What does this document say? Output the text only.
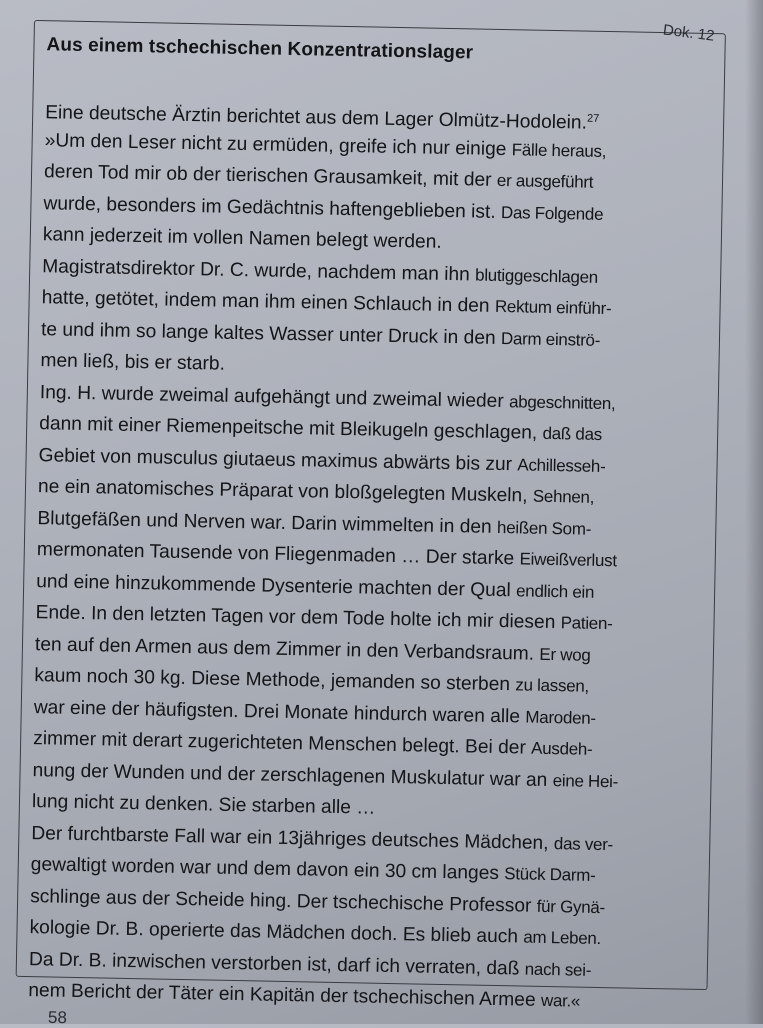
Dok. 12
Aus einem tschechischen Konzentrationslager
Eine deutsche Ärztin berichtet aus dem Lager Olmütz-Hodolein.$^{27}$
»Um den Leser nicht zu ermüden, greife ich nur einige Fälle heraus,
deren Tod mir ob der tierischen Grausamkeit, mit der er ausgeführt
wurde, besonders im Gedächtnis haftengeblieben ist. Das Folgende
kann jederzeit im vollen Namen belegt werden.
Magistratsdirektor Dr. C. wurde, nachdem man ihn blutiggeschlagen
hatte, getötet, indem man ihm einen Schlauch in den Rektum einführ-
te und ihm so lange kaltes Wasser unter Druck in den Darm einströ-
men ließ, bis er starb.
Ing. H. wurde zweimal aufgehängt und zweimal wieder abgeschnitten,
dann mit einer Riemenpeitsche mit Bleikugeln geschlagen, daß das
Gebiet von musculus giutaeus maximus abwärts bis zur Achillesseh-
ne ein anatomisches Präparat von bloßgelegten Muskeln, Sehnen,
Blutgefäßen und Nerven war. Darin wimmelten in den heißen Som-
mermonaten Tausende von Fliegenmaden … Der starke Eiweißverlust
und eine hinzukommende Dysenterie machten der Qual endlich ein
Ende. In den letzten Tagen vor dem Tode holte ich mir diesen Patien-
ten auf den Armen aus dem Zimmer in den Verbandsraum. Er wog
kaum noch 30 kg. Diese Methode, jemanden so sterben zu lassen,
war eine der häufigsten. Drei Monate hindurch waren alle Maroden-
zimmer mit derart zugerichteten Menschen belegt. Bei der Ausdeh-
nung der Wunden und der zerschlagenen Muskulatur war an eine Hei-
lung nicht zu denken. Sie starben alle …
Der furchtbarste Fall war ein 13jähriges deutsches Mädchen, das ver-
gewaltigt worden war und dem davon ein 30 cm langes Stück Darm-
schlinge aus der Scheide hing. Der tschechische Professor für Gynä-
kologie Dr. B. operierte das Mädchen doch. Es blieb auch am Leben.
Da Dr. B. inzwischen verstorben ist, darf ich verraten, daß nach sei-
nem Bericht der Täter ein Kapitän der tschechischen Armee war.«
58
